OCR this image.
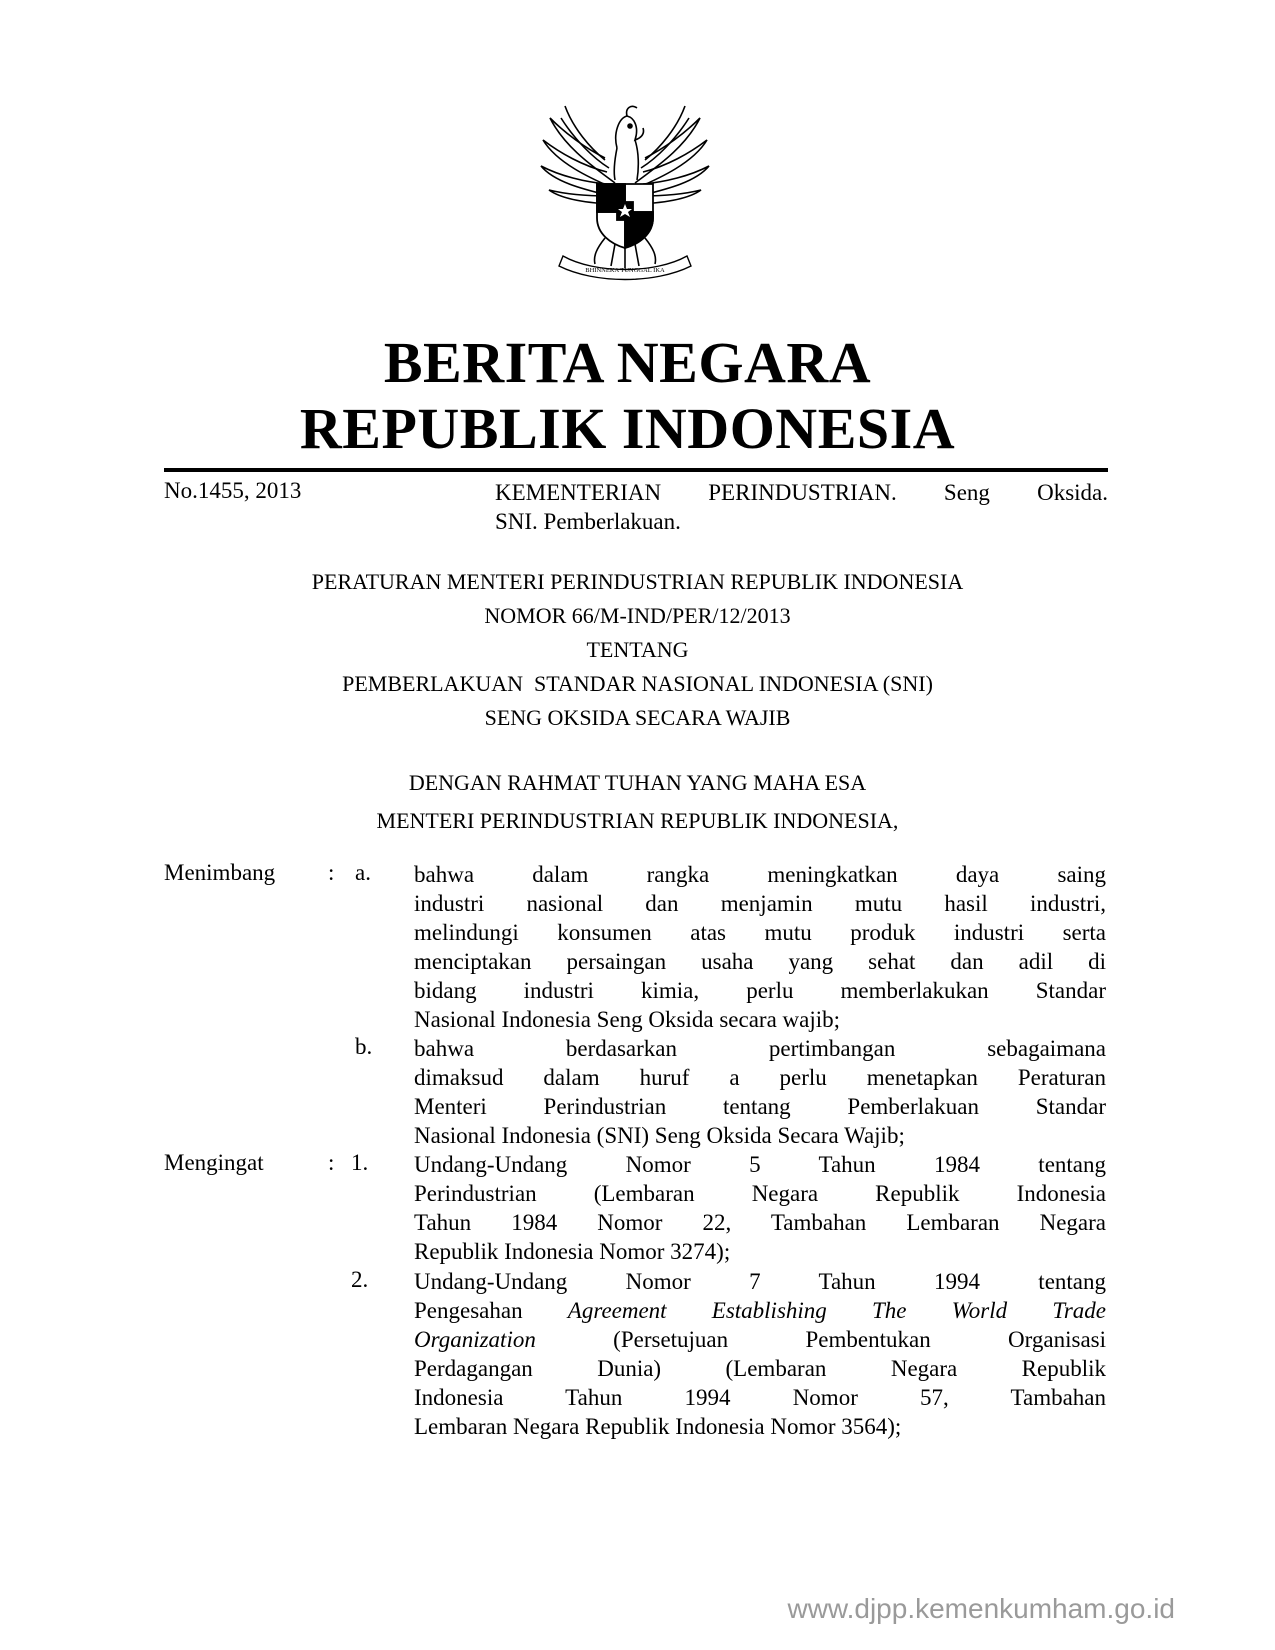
BHINNEKA TUNGGAL IKA
BERITA NEGARA
REPUBLIK INDONESIA
No.1455, 2013	KEMENTERIAN PERINDUSTRIAN. Seng Oksida.
SNI. Pemberlakuan.
PERATURAN MENTERI PERINDUSTRIAN REPUBLIK INDONESIA
NOMOR 66/M-IND/PER/12/2013
TENTANG
PEMBERLAKUAN  STANDAR NASIONAL INDONESIA (SNI)
SENG OKSIDA SECARA WAJIB
DENGAN RAHMAT TUHAN YANG MAHA ESA
MENTERI PERINDUSTRIAN REPUBLIK INDONESIA,
Menimbang : a. bahwa dalam rangka meningkatkan daya saing
industri nasional dan menjamin mutu hasil industri,
melindungi konsumen atas mutu produk industri serta
menciptakan persaingan usaha yang sehat dan adil di
bidang industri kimia, perlu memberlakukan Standar

Nasional Indonesia Seng Oksida secara wajib;
b. bahwa berdasarkan pertimbangan sebagaimana
dimaksud dalam huruf a perlu menetapkan Peraturan
Menteri Perindustrian tentang Pemberlakuan Standar

Nasional Indonesia (SNI) Seng Oksida Secara Wajib;
Mengingat	: 1. Undang-Undang Nomor 5 Tahun 1984 tentang
Perindustrian (Lembaran Negara Republik Indonesia
Tahun 1984 Nomor 22, Tambahan Lembaran Negara

Republik Indonesia Nomor 3274);
2. Undang-Undang Nomor 7 Tahun 1994 tentang
Pengesahan Agreement Establishing The World Trade
Organization (Persetujuan Pembentukan Organisasi
Perdagangan Dunia) (Lembaran Negara Republik
Indonesia Tahun 1994 Nomor 57, Tambahan

Lembaran Negara Republik Indonesia Nomor 3564);
www.djpp.kemenkumham.go.id
